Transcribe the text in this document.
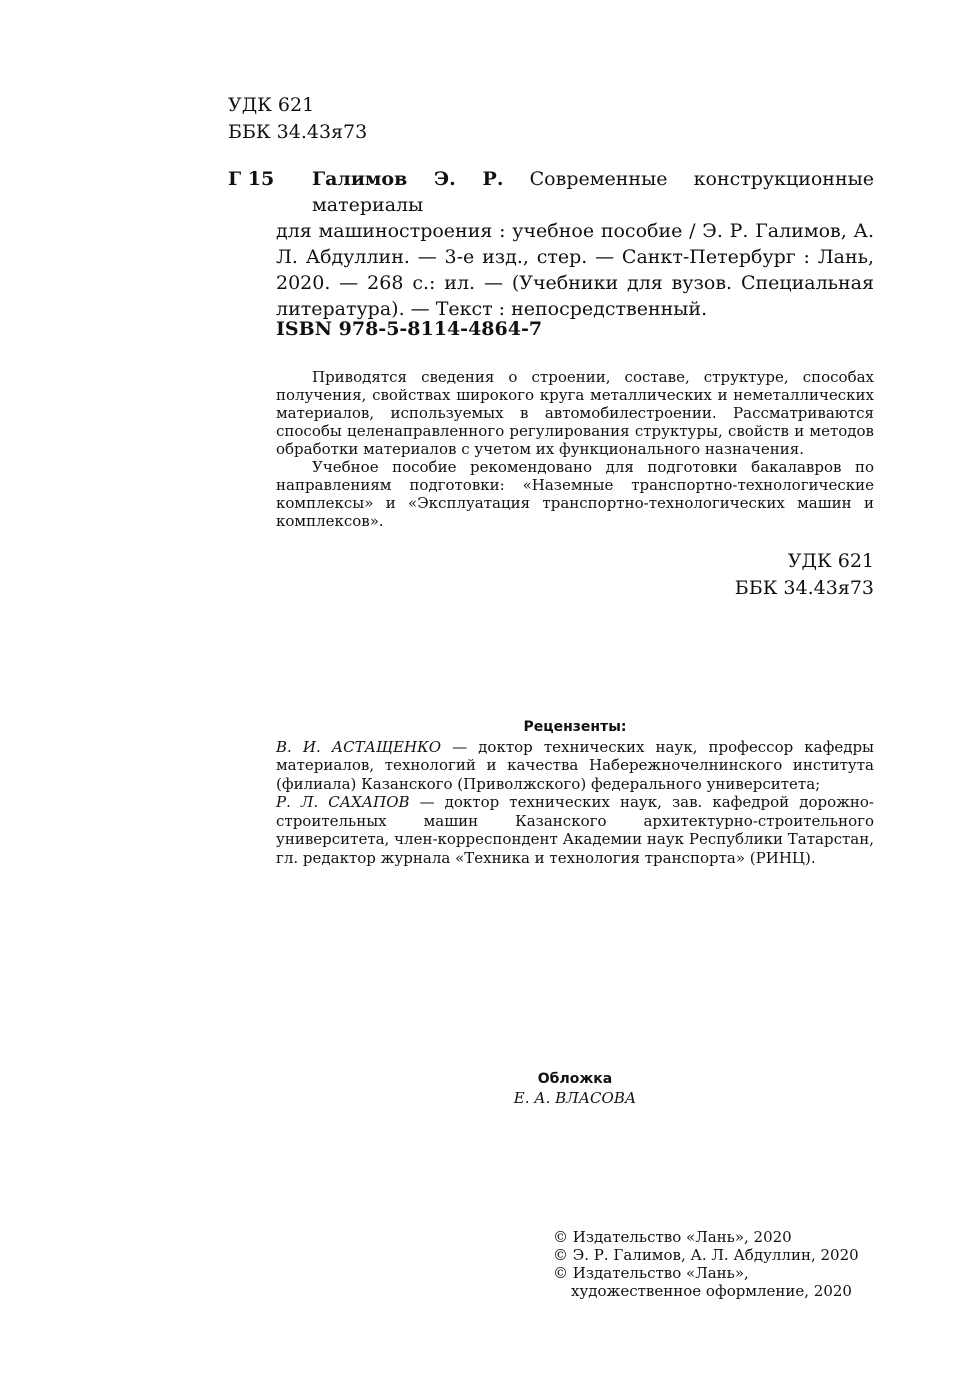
УДК 621
ББК 34.43я73
Г 15 Галимов Э. Р. Современные конструкционные материалы
для машиностроения : учебное пособие / Э. Р. Галимов, А. Л. Абдуллин. — 3-е изд., стер. — Санкт-Петербург : Лань, 2020. — 268 с.: ил. — (Учебники для вузов. Специальная литература). — Текст : непосредственный.
ISBN 978-5-8114-4864-7

Приводятся сведения о строении, составе, структуре, способах получения, свойствах широкого круга металлических и неметаллических материалов, используемых в автомобилестроении. Рассматриваются способы целенаправленного регулирования структуры, свойств и методов обработки материалов с учетом их функционального назначения.

Учебное пособие рекомендовано для подготовки бакалавров по направлениям подготовки: «Наземные транспортно-технологические комплексы» и «Эксплуатация транспортно-технологических машин и комплексов».

УДК 621
ББК 34.43я73
Рецензенты:

В. И. АСТАЩЕНКО — доктор технических наук, профессор кафедры материалов, технологий и качества Набережночелнинского института (филиала) Казанского (Приволжского) федерального университета;

Р. Л. САХАПОВ — доктор технических наук, зав. кафедрой дорожно-строительных машин Казанского архитектурно-строительного университета, член-корреспондент Академии наук Республики Татарстан, гл. редактор журнала «Техника и технология транспорта» (РИНЦ).

Обложка
Е. А. ВЛАСОВА
© Издательство «Лань», 2020
© Э. Р. Галимов, А. Л. Абдуллин, 2020
© Издательство «Лань»,
художественное оформление, 2020
